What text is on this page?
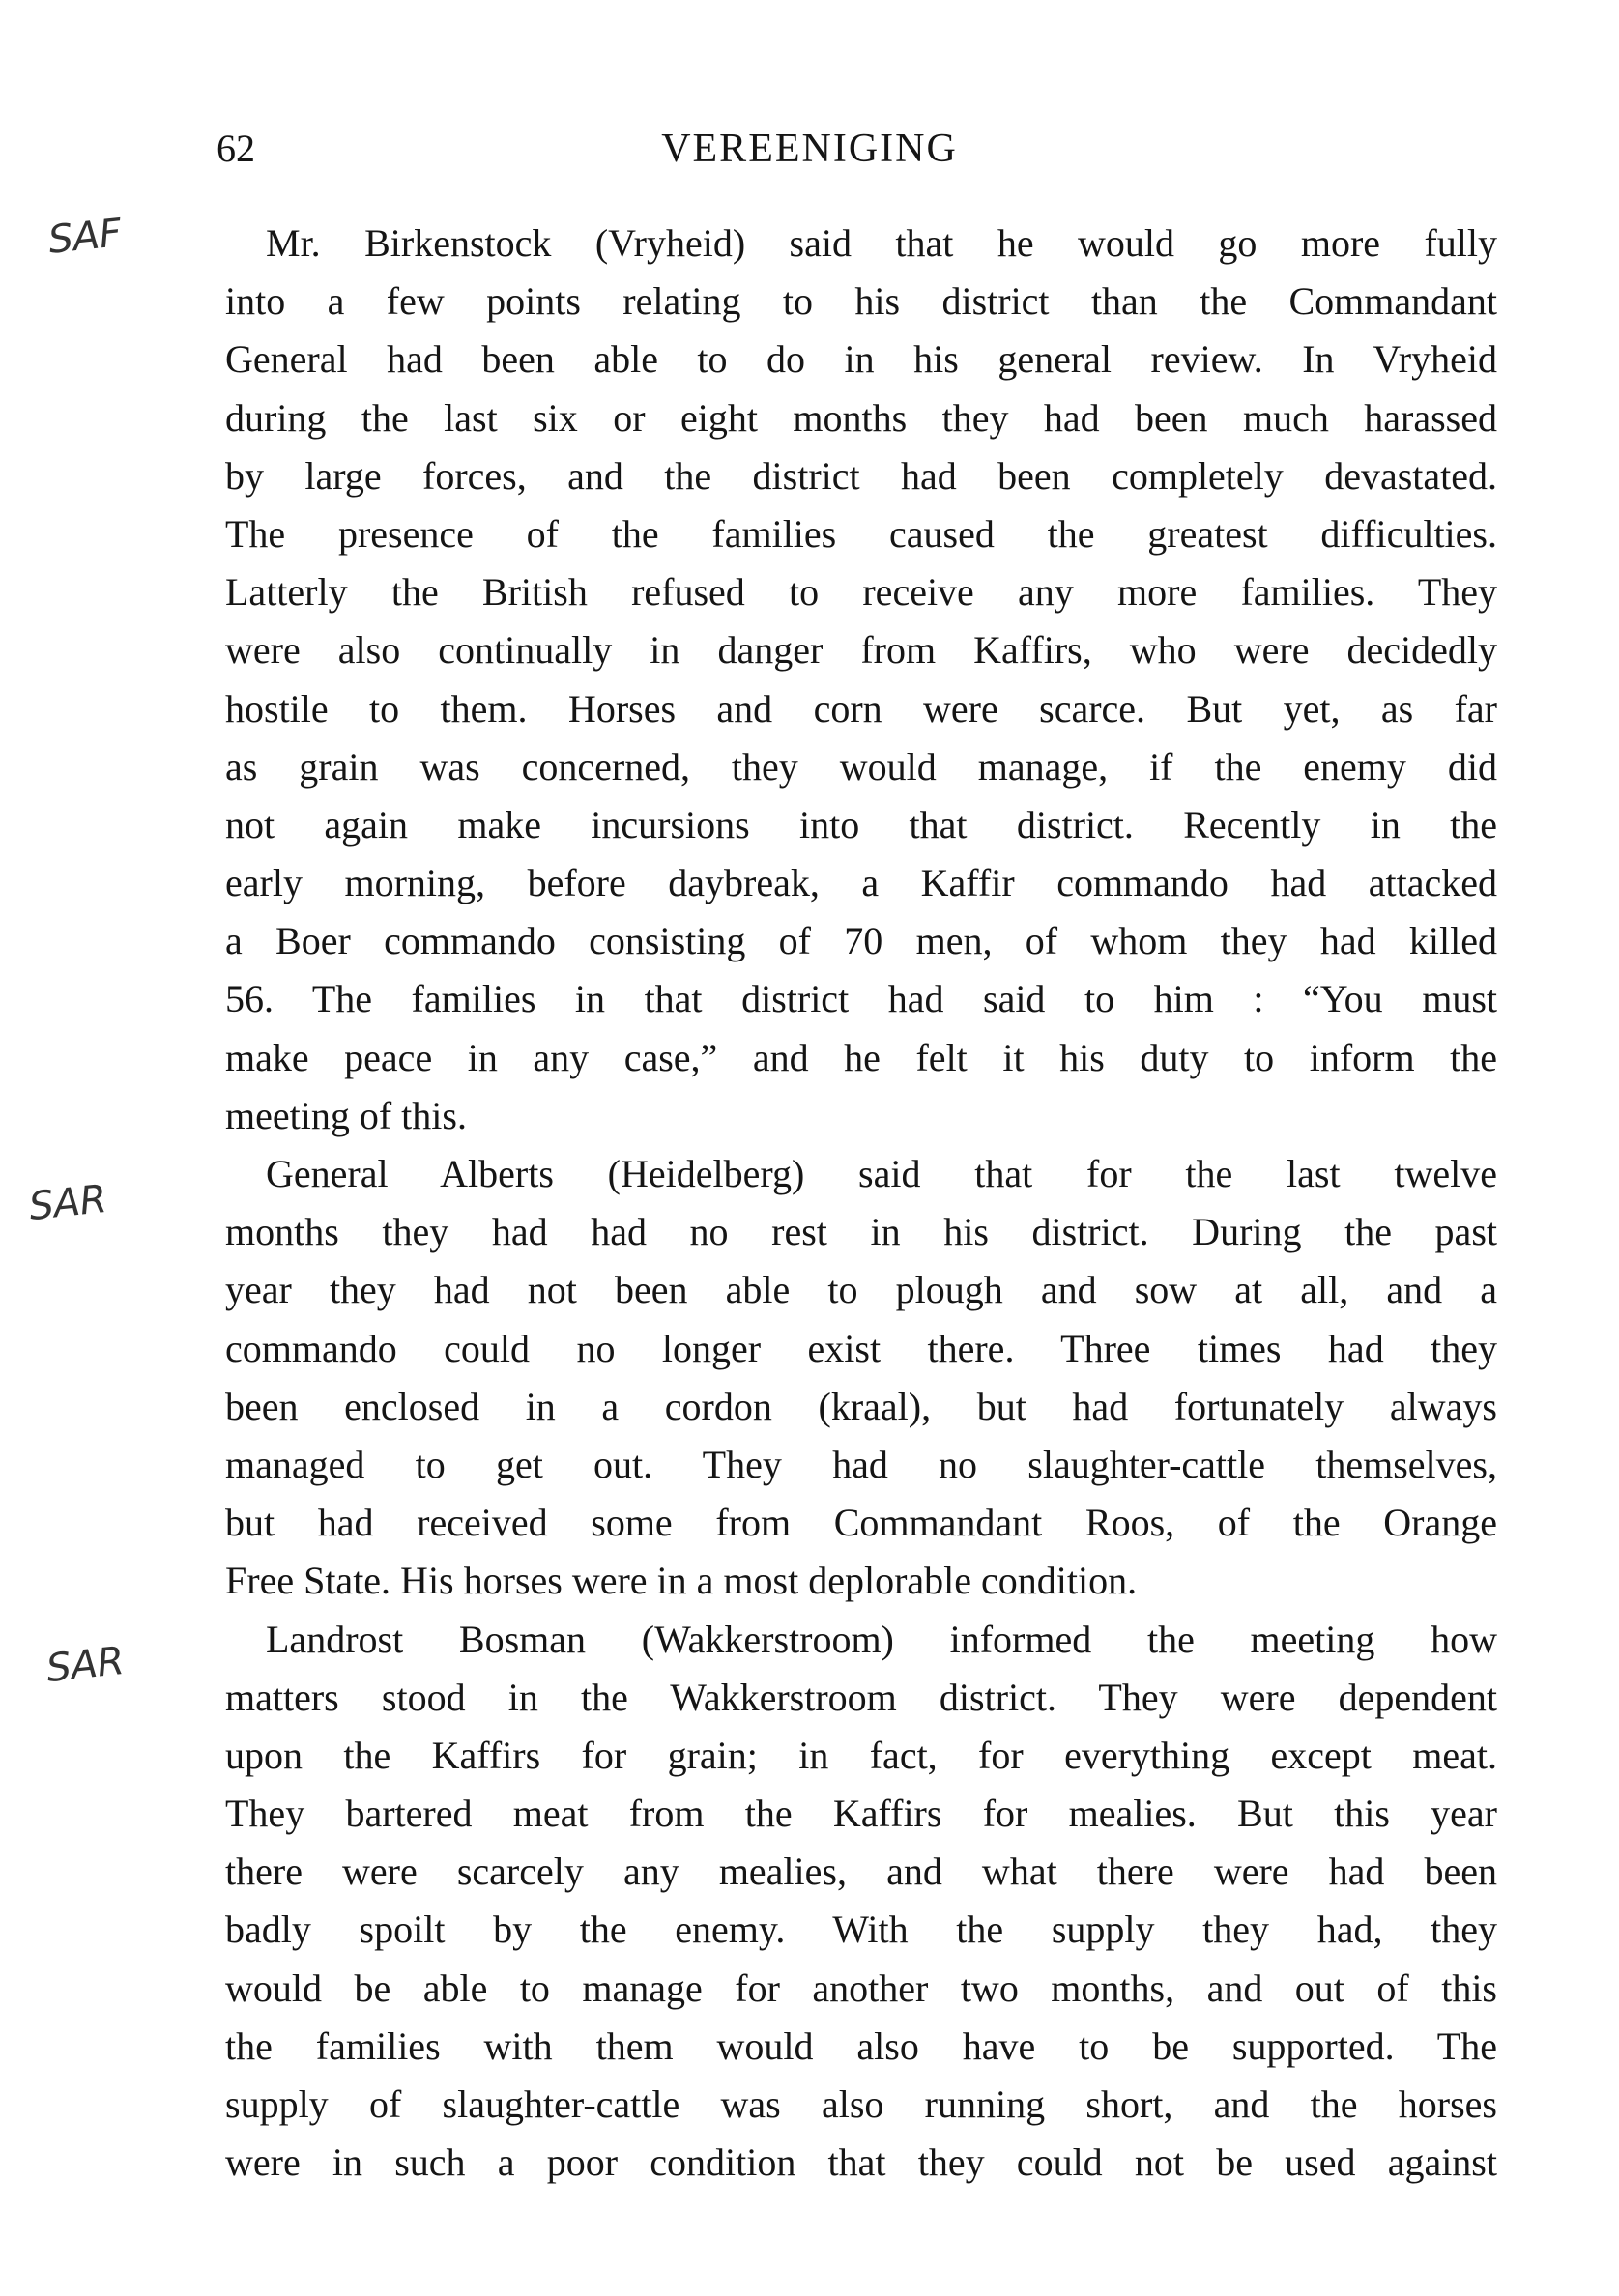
62	VEREENIGING
SAF
SAR
SAR
Mr. Birkenstock (Vryheid) said that he would go more fully
into a few points relating to his district than the Commandant
General had been able to do in his general review. In Vryheid
during the last six or eight months they had been much harassed
by large forces, and the district had been completely devastated.
The presence of the families caused the greatest difficulties.
Latterly the British refused to receive any more families. They
were also continually in danger from Kaffirs, who were decidedly
hostile to them. Horses and corn were scarce. But yet, as far
as grain was concerned, they would manage, if the enemy did
not again make incursions into that district. Recently in the
early morning, before daybreak, a Kaffir commando had attacked
a Boer commando consisting of 70 men, of whom they had killed
56. The families in that district had said to him : “You must
make peace in any case,” and he felt it his duty to inform the
meeting of this.
General Alberts (Heidelberg) said that for the last twelve
months they had had no rest in his district. During the past
year they had not been able to plough and sow at all, and a
commando could no longer exist there. Three times had they
been enclosed in a cordon (kraal), but had fortunately always
managed to get out. They had no slaughter-cattle themselves,
but had received some from Commandant Roos, of the Orange
Free State. His horses were in a most deplorable condition.
Landrost Bosman (Wakkerstroom) informed the meeting how
matters stood in the Wakkerstroom district. They were dependent
upon the Kaffirs for grain; in fact, for everything except meat.
They bartered meat from the Kaffirs for mealies. But this year
there were scarcely any mealies, and what there were had been
badly spoilt by the enemy. With the supply they had, they
would be able to manage for another two months, and out of this
the families with them would also have to be supported. The
supply of slaughter-cattle was also running short, and the horses
were in such a poor condition that they could not be used against
